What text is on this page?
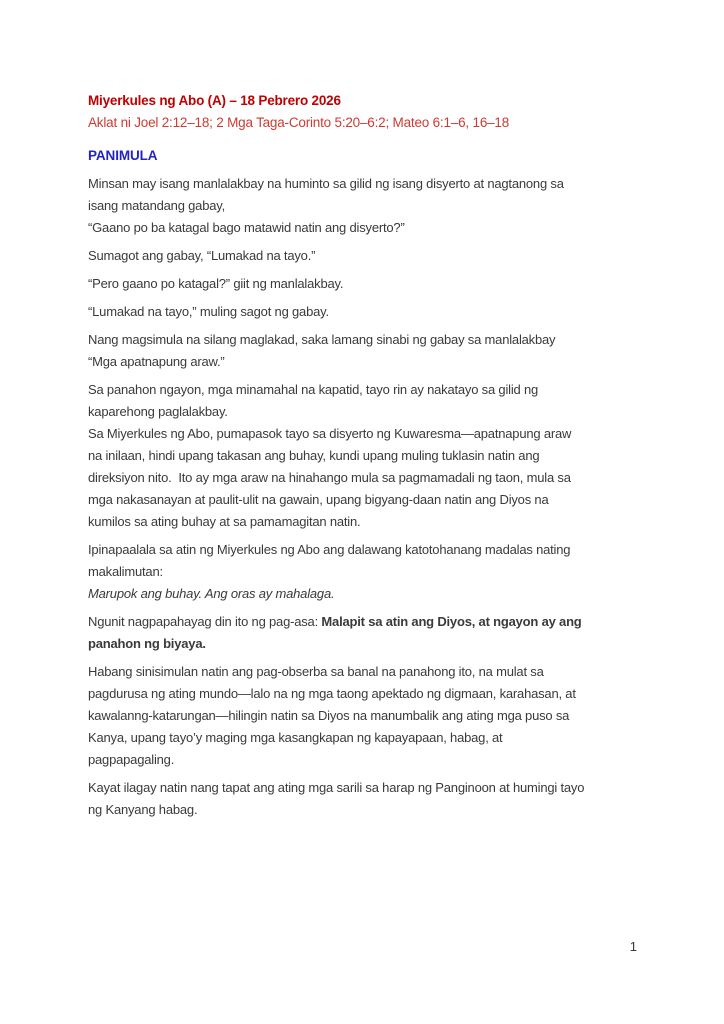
Miyerkules ng Abo (A) – 18 Pebrero 2026
Aklat ni Joel 2:12–18; 2 Mga Taga-Corinto 5:20–6:2; Mateo 6:1–6, 16–18
PANIMULA
Minsan may isang manlalakbay na huminto sa gilid ng isang disyerto at nagtanong sa
isang matandang gabay,
“Gaano po ba katagal bago matawid natin ang disyerto?”
Sumagot ang gabay, “Lumakad na tayo.”
“Pero gaano po katagal?” giit ng manlalakbay.
“Lumakad na tayo,” muling sagot ng gabay.
Nang magsimula na silang maglakad, saka lamang sinabi ng gabay sa manlalakbay
“Mga apatnapung araw.”
Sa panahon ngayon, mga minamahal na kapatid, tayo rin ay nakatayo sa gilid ng
kaparehong paglalakbay.
Sa Miyerkules ng Abo, pumapasok tayo sa disyerto ng Kuwaresma—apatnapung araw
na inilaan, hindi upang takasan ang buhay, kundi upang muling tuklasin natin ang
direksiyon nito.  Ito ay mga araw na hinahango mula sa pagmamadali ng taon, mula sa
mga nakasanayan at paulit-ulit na gawain, upang bigyang-daan natin ang Diyos na
kumilos sa ating buhay at sa pamamagitan natin.
Ipinapaalala sa atin ng Miyerkules ng Abo ang dalawang katotohanang madalas nating
makalimutan:
Marupok ang buhay. Ang oras ay mahalaga.
Ngunit nagpapahayag din ito ng pag-asa: Malapit sa atin ang Diyos, at ngayon ay ang
panahon ng biyaya.
Habang sinisimulan natin ang pag-obserba sa banal na panahong ito, na mulat sa
pagdurusa ng ating mundo—lalo na ng mga taong apektado ng digmaan, karahasan, at
kawalanng-katarungan—hilingin natin sa Diyos na manumbalik ang ating mga puso sa
Kanya, upang tayo’y maging mga kasangkapan ng kapayapaan, habag, at
pagpapagaling.
Kayat ilagay natin nang tapat ang ating mga sarili sa harap ng Panginoon at humingi tayo
ng Kanyang habag.
1
